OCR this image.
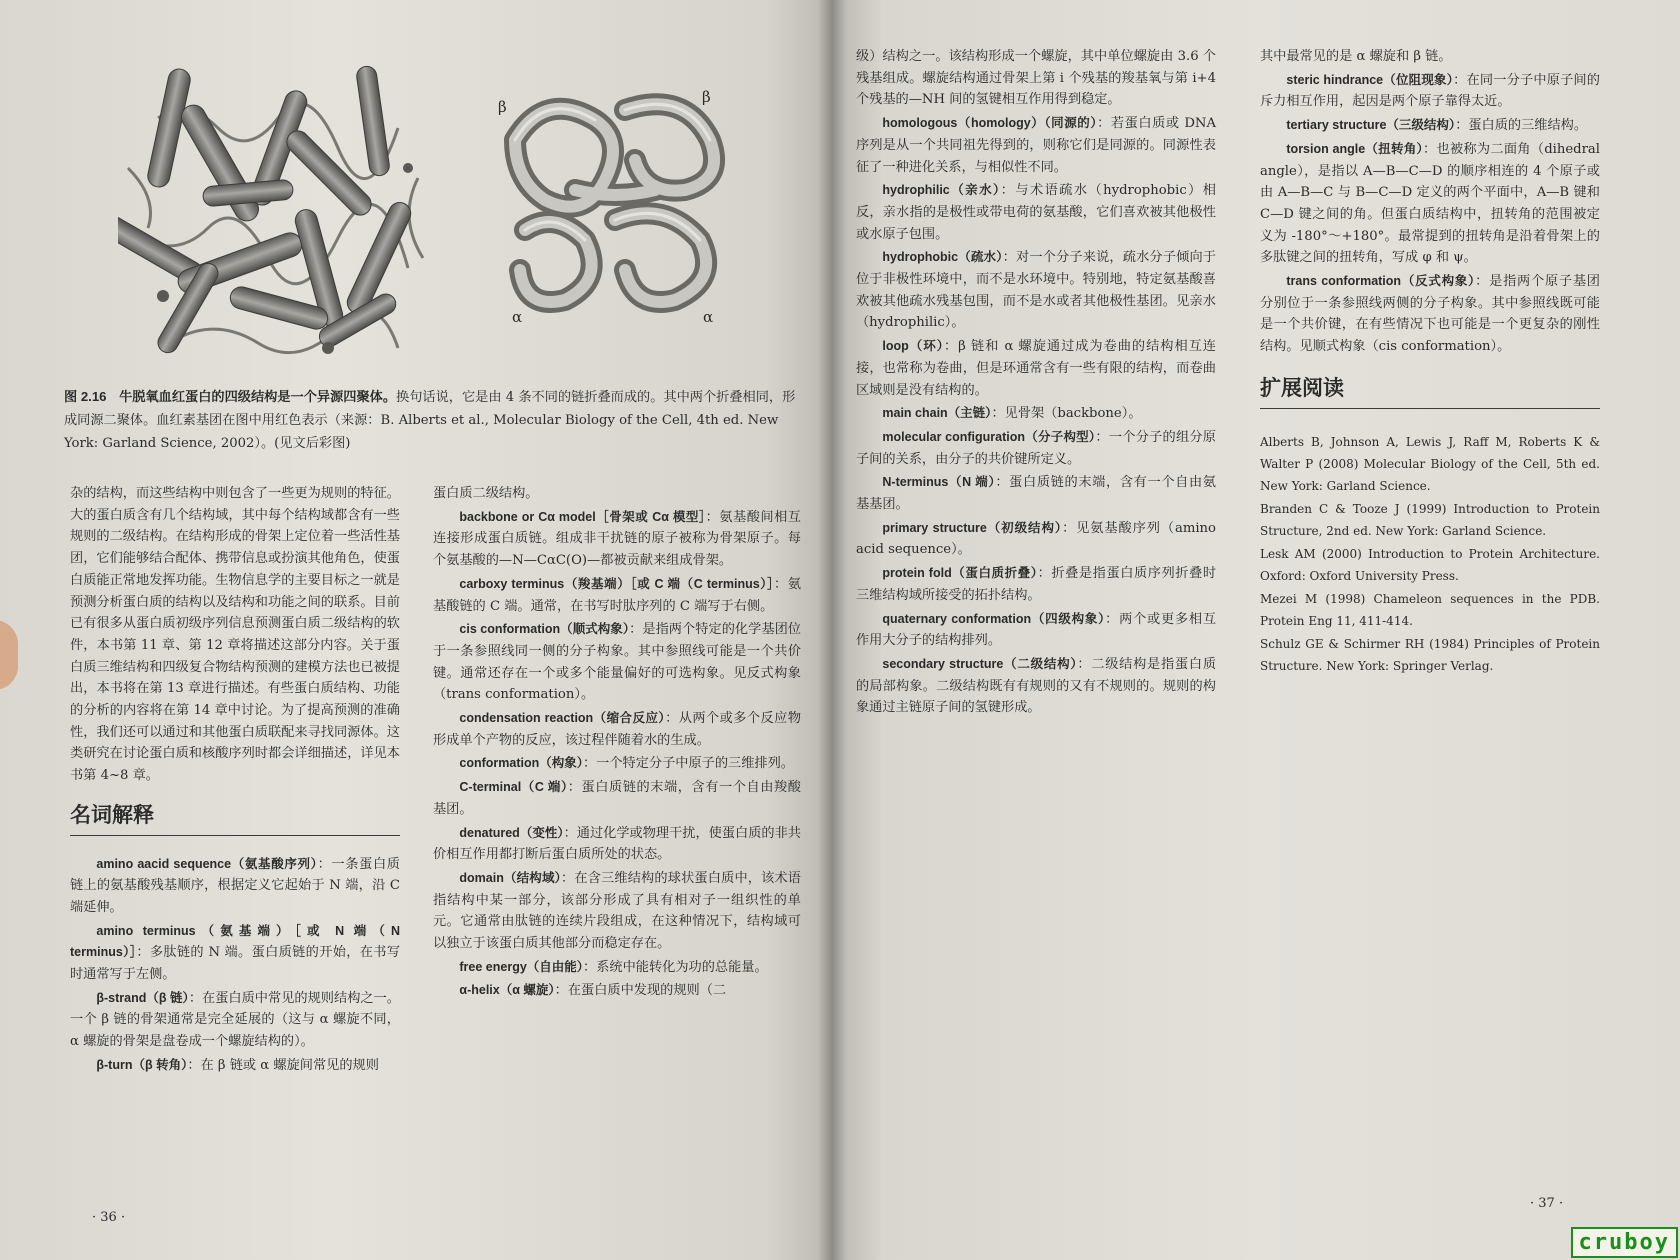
β
β
α	α
图 2.16 牛脱氧血红蛋白的四级结构是一个异源四聚体。换句话说，它是由 4 条不同的链折叠而成的。其中两个折叠相同，形成同源二聚体。血红素基团在图中用红色表示（来源：B. Alberts et al., Molecular Biology of the Cell, 4th ed. New York: Garland Science, 2002）。(见文后彩图)

杂的结构，而这些结构中则包含了一些更为规则的特征。大的蛋白质含有几个结构域，其中每个结构域都含有一些规则的二级结构。在结构形成的骨架上定位着一些活性基团，它们能够结合配体、携带信息或扮演其他角色，使蛋白质能正常地发挥功能。生物信息学的主要目标之一就是预测分析蛋白质的结构以及结构和功能之间的联系。目前已有很多从蛋白质初级序列信息预测蛋白质二级结构的软件，本书第 11 章、第 12 章将描述这部分内容。关于蛋白质三维结构和四级复合物结构预测的建模方法也已被提出，本书将在第 13 章进行描述。有些蛋白质结构、功能的分析的内容将在第 14 章中讨论。为了提高预测的准确性，我们还可以通过和其他蛋白质联配来寻找同源体。这类研究在讨论蛋白质和核酸序列时都会详细描述，详见本书第 4~8 章。

名词解释

amino aacid sequence（氨基酸序列）：一条蛋白质链上的氨基酸残基顺序，根据定义它起始于 N 端，沿 C 端延伸。

amino terminus（氨基端）［或 N 端（N terminus）］：多肽链的 N 端。蛋白质链的开始，在书写时通常写于左侧。

β-strand（β 链）：在蛋白质中常见的规则结构之一。一个 β 链的骨架通常是完全延展的（这与 α 螺旋不同，α 螺旋的骨架是盘卷成一个螺旋结构的）。

β-turn（β 转角）：在 β 链或 α 螺旋间常见的规则

蛋白质二级结构。

backbone or Cα model［骨架或 Cα 模型］：氨基酸间相互连接形成蛋白质链。组成非干扰链的原子被称为骨架原子。每个氨基酸的—N—CαC(O)—都被贡献来组成骨架。

carboxy terminus（羧基端）［或 C 端（C terminus）］：氨基酸链的 C 端。通常，在书写时肽序列的 C 端写于右侧。

cis conformation（顺式构象）：是指两个特定的化学基团位于一条参照线同一侧的分子构象。其中参照线可能是一个共价键。通常还存在一个或多个能量偏好的可选构象。见反式构象（trans conformation）。

condensation reaction（缩合反应）：从两个或多个反应物形成单个产物的反应，该过程伴随着水的生成。

conformation（构象）：一个特定分子中原子的三维排列。

C-terminal（C 端）：蛋白质链的末端，含有一个自由羧酸基团。

denatured（变性）：通过化学或物理干扰，使蛋白质的非共价相互作用都打断后蛋白质所处的状态。

domain（结构域）：在含三维结构的球状蛋白质中，该术语指结构中某一部分，该部分形成了具有相对子一组织性的单元。它通常由肽链的连续片段组成，在这种情况下，结构域可以独立于该蛋白质其他部分而稳定存在。

free energy（自由能）：系统中能转化为功的总能量。

α-helix（α 螺旋）：在蛋白质中发现的规则（二

· 36 ·

级）结构之一。该结构形成一个螺旋，其中单位螺旋由 3.6 个残基组成。螺旋结构通过骨架上第 i 个残基的羧基氧与第 i+4 个残基的—NH 间的氢键相互作用得到稳定。

homologous（homology）（同源的）：若蛋白质或 DNA 序列是从一个共同祖先得到的，则称它们是同源的。同源性表征了一种进化关系，与相似性不同。

hydrophilic（亲水）：与术语疏水（hydrophobic）相反，亲水指的是极性或带电荷的氨基酸，它们喜欢被其他极性或水原子包围。

hydrophobic（疏水）：对一个分子来说，疏水分子倾向于位于非极性环境中，而不是水环境中。特别地，特定氨基酸喜欢被其他疏水残基包围，而不是水或者其他极性基团。见亲水（hydrophilic）。

loop（环）：β 链和 α 螺旋通过成为卷曲的结构相互连接，也常称为卷曲，但是环通常含有一些有限的结构，而卷曲区域则是没有结构的。

main chain（主链）：见骨架（backbone）。

molecular configuration（分子构型）：一个分子的组分原子间的关系，由分子的共价键所定义。

N-terminus（N 端）：蛋白质链的末端，含有一个自由氨基基团。

primary structure（初级结构）：见氨基酸序列（amino acid sequence）。

protein fold（蛋白质折叠）：折叠是指蛋白质序列折叠时三维结构域所接受的拓扑结构。

quaternary conformation（四级构象）：两个或更多相互作用大分子的结构排列。

secondary structure（二级结构）：二级结构是指蛋白质的局部构象。二级结构既有有规则的又有不规则的。规则的构象通过主链原子间的氢键形成。

其中最常见的是 α 螺旋和 β 链。

steric hindrance（位阻现象）：在同一分子中原子间的斥力相互作用，起因是两个原子靠得太近。

tertiary structure（三级结构）：蛋白质的三维结构。

torsion angle（扭转角）：也被称为二面角（dihedral angle），是指以 A—B—C—D 的顺序相连的 4 个原子或由 A—B—C 与 B—C—D 定义的两个平面中，A—B 键和 C—D 键之间的角。但蛋白质结构中，扭转角的范围被定义为 -180°～+180°。最常提到的扭转角是沿着骨架上的多肽键之间的扭转角，写成 φ 和 ψ。

trans conformation（反式构象）：是指两个原子基团分别位于一条参照线两侧的分子构象。其中参照线既可能是一个共价键，在有些情况下也可能是一个更复杂的刚性结构。见顺式构象（cis conformation）。

扩展阅读

Alberts B, Johnson A, Lewis J, Raff M, Roberts K & Walter P (2008) Molecular Biology of the Cell, 5th ed. New York: Garland Science.

Branden C & Tooze J (1999) Introduction to Protein Structure, 2nd ed. New York: Garland Science.

Lesk AM (2000) Introduction to Protein Architecture. Oxford: Oxford University Press.

Mezei M (1998) Chameleon sequences in the PDB. Protein Eng 11, 411-414.

Schulz GE & Schirmer RH (1984) Principles of Protein Structure. New York: Springer Verlag.

· 37 ·
cruboy
